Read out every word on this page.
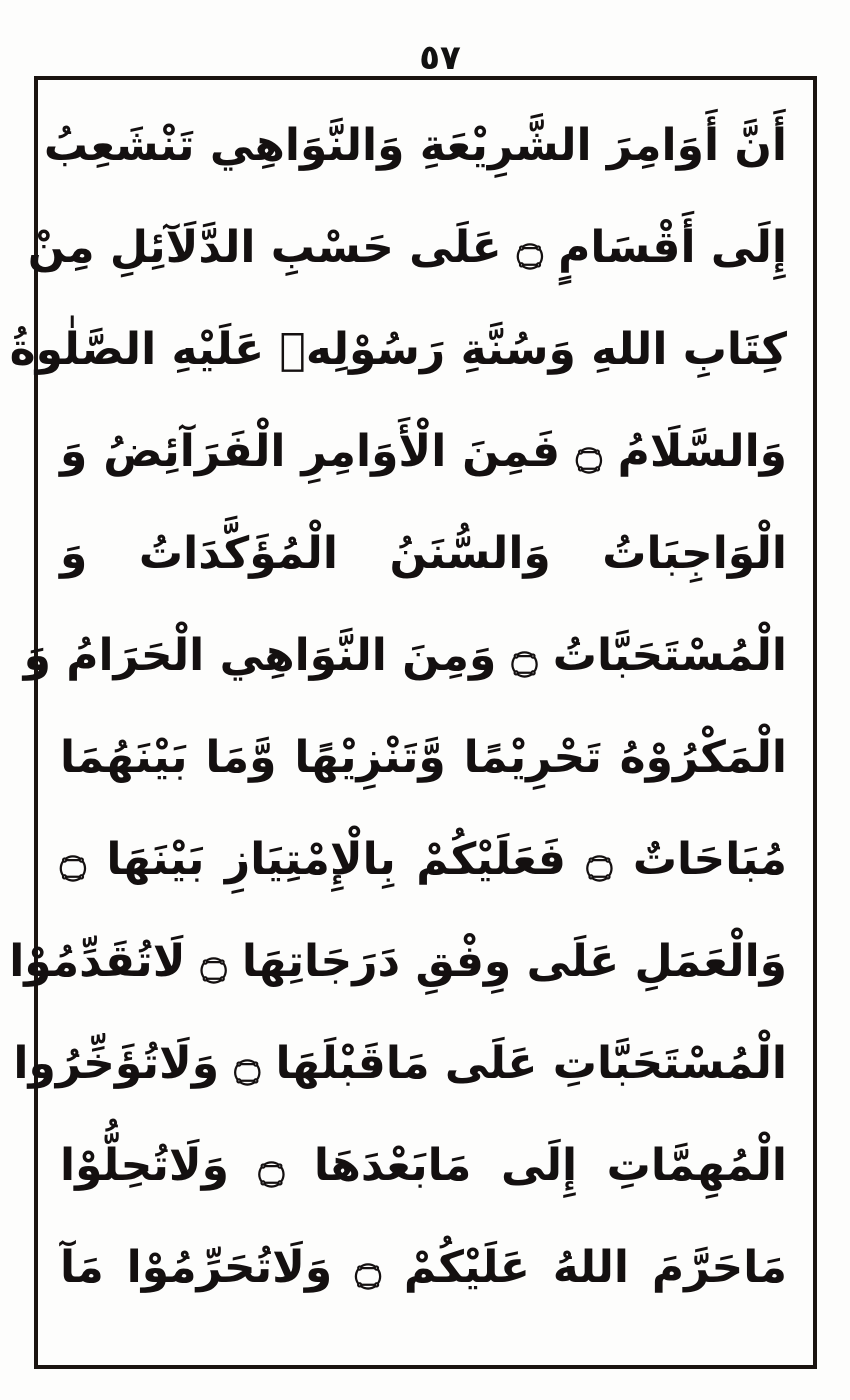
٥٧
أَنَّ أَوَامِرَ الشَّرِيْعَةِ وَالنَّوَاهِي تَنْشَعِبُ
إِلَى أَقْسَامٍ ۝ عَلَى حَسْبِ الدَّلَآئِلِ مِنْ
كِتَابِ اللهِ وَسُنَّةِ رَسُوْلِهٖ عَلَيْهِ الصَّلٰوةُ
وَالسَّلَامُ ۝ فَمِنَ الْأَوَامِرِ الْفَرَآئِضُ وَ
الْوَاجِبَاتُ وَالسُّنَنُ الْمُؤَكَّدَاتُ وَ
الْمُسْتَحَبَّاتُ ۝ وَمِنَ النَّوَاهِي الْحَرَامُ وَ
الْمَكْرُوْهُ تَحْرِيْمًا وَّتَنْزِيْهًا وَّمَا بَيْنَهُمَا
مُبَاحَاتٌ ۝ فَعَلَيْكُمْ بِالْإِمْتِيَازِ بَيْنَهَا ۝
وَالْعَمَلِ عَلَى وِفْقِ دَرَجَاتِهَا ۝ لَاتُقَدِّمُوْا
الْمُسْتَحَبَّاتِ عَلَى مَاقَبْلَهَا ۝ وَلَاتُؤَخِّرُوا
الْمُهِمَّاتِ إِلَى مَابَعْدَهَا ۝ وَلَاتُحِلُّوْا
مَاحَرَّمَ اللهُ عَلَيْكُمْ ۝ وَلَاتُحَرِّمُوْا مَآ
